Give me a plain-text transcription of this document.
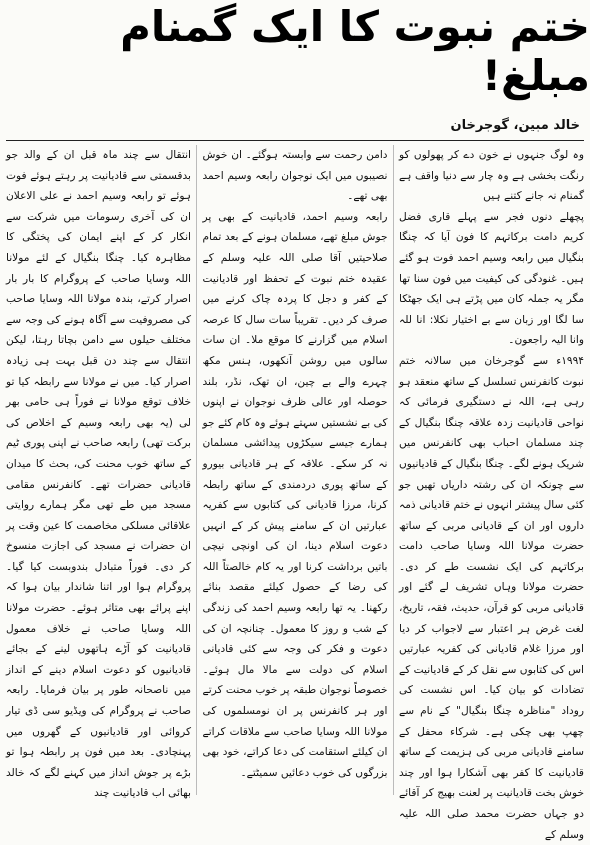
ختم نبوت کا ایک گمنام مبلغ!
خالد مبین، گوجرخان

وہ لوگ جنہوں نے خون دے کر پھولوں کو رنگت بخشی ہے وہ چار سے دنیا واقف ہے گمنام نہ جانے کتنے ہیں

پچھلے دنوں فجر سے پہلے قاری فضل کریم دامت برکاتہم کا فون آیا کہ چنگا بنگیال میں رابعہ وسیم احمد فوت ہو گئے ہیں۔ غنودگی کی کیفیت میں فون سنا تھا مگر یہ جملہ کان میں پڑتے ہی ایک جھٹکا سا لگا اور زبان سے بے اختیار نکلا: انا للہ وانا الیہ راجعون۔

۱۹۹۴ء سے گوجرخان میں سالانہ ختم نبوت کانفرنس تسلسل کے ساتھ منعقد ہو رہی ہے، اللہ نے دستگیری فرمائی کہ نواحی قادیانیت زدہ علاقہ چنگا بنگیال کے چند مسلمان احباب بھی کانفرنس میں شریک ہونے لگے۔ چنگا بنگیال کے قادیانیوں سے چونکہ ان کی رشتہ داریاں تھیں جو کئی سال پیشتر انہوں نے ختم قادیانی ذمہ داروں اور ان کے قادیانی مربی کے ساتھ حضرت مولانا اللہ وسایا صاحب دامت برکاتہم کی ایک نشست طے کر دی۔ حضرت مولانا وہاں تشریف لے گئے اور قادیانی مربی کو قرآن، حدیث، فقہ، تاریخ، لغت غرض ہر اعتبار سے لاجواب کر دیا اور مرزا غلام قادیانی کی کفریہ عبارتیں اس کی کتابوں سے نقل کر کے قادیانیت کے تضادات کو بیان کیا۔ اس نشست کی روداد "مناظرہ چنگا بنگیال" کے نام سے چھپ بھی چکی ہے۔ شرکاء محفل کے سامنے قادیانی مربی کی ہزیمت کے ساتھ قادیانیت کا کفر بھی آشکارا ہوا اور چند خوش بخت قادیانیت پر لعنت بھیج کر آقائے دو جہاں حضرت محمد صلی اللہ علیہ وسلم کے

دامن رحمت سے وابستہ ہوگئے۔ ان خوش نصیبوں میں ایک نوجوان رابعہ وسیم احمد بھی تھے۔

رابعہ وسیم احمد، قادیانیت کے بھی پر جوش مبلغ تھے، مسلمان ہونے کے بعد تمام صلاحیتیں آقا صلی اللہ علیہ وسلم کے عقیدہ ختم نبوت کے تحفظ اور قادیانیت کے کفر و دجل کا پردہ چاک کرنے میں صرف کر دیں۔ تقریباً سات سال کا عرصہ اسلام میں گزارنے کا موقع ملا۔ ان سات سالوں میں روشن آنکھوں، ہنس مکھ چہرے والے بے چین، ان تھک، نڈر، بلند حوصلہ اور عالی ظرف نوجوان نے اپنوں کی بے نشستیں سہتے ہوئے وہ کام کئے جو ہمارے جیسے سیکڑوں پیدائشی مسلمان نہ کر سکے۔ علاقہ کے ہر قادیانی بیورو کے ساتھ پوری دردمندی کے ساتھ رابطہ کرنا، مرزا قادیانی کی کتابوں سے کفریہ عبارتیں ان کے سامنے پیش کر کے انہیں دعوت اسلام دینا، ان کی اونچی نیچی باتیں برداشت کرنا اور یہ کام خالصتاً اللہ کی رضا کے حصول کیلئے مقصد بنائے رکھنا۔ یہ تھا رابعہ وسیم احمد کی زندگی کے شب و روز کا معمول۔ چنانچہ ان کی دعوت و فکر کی وجہ سے کئی قادیانی اسلام کی دولت سے مالا مال ہوئے۔ خصوصاً نوجوان طبقہ پر خوب محنت کرتے اور ہر کانفرنس پر ان نومسلموں کی مولانا اللہ وسایا صاحب سے ملاقات کراتے ان کیلئے استقامت کی دعا کراتے، خود بھی بزرگوں کی خوب دعائیں سمیٹتے۔

انتقال سے چند ماہ قبل ان کے والد جو بدقسمتی سے قادیانیت پر رہتے ہوئے فوت ہوئے تو رابعہ وسیم احمد نے علی الاعلان ان کی آخری رسومات میں شرکت سے انکار کر کے اپنے ایمان کی پختگی کا مظاہرہ کیا۔ چنگا بنگیال کے لئے مولانا اللہ وسایا صاحب کے پروگرام کا بار بار اصرار کرتے، بندہ مولانا اللہ وسایا صاحب کی مصروفیت سے آگاہ ہونے کی وجہ سے مختلف حیلوں سے دامن بچاتا رہتا، لیکن انتقال سے چند دن قبل بہت ہی زیادہ اصرار کیا۔ میں نے مولانا سے رابطہ کیا تو خلاف توقع مولانا نے فوراً ہی حامی بھر لی (یہ بھی رابعہ وسیم کے اخلاص کی برکت تھی) رابعہ صاحب نے اپنی پوری ٹیم کے ساتھ خوب محنت کی، بحث کا میدان قادیانی حضرات تھے۔ کانفرنس مقامی مسجد میں طے تھی مگر ہمارے روایتی علاقائی مسلکی مخاصمت کا عین وقت پر ان حضرات نے مسجد کی اجازت منسوخ کر دی۔ فوراً متبادل بندوبست کیا گیا۔ پروگرام ہوا اور اتنا شاندار بیان ہوا کہ اپنے پرائے بھی متاثر ہوئے۔ حضرت مولانا اللہ وسایا صاحب نے خلاف معمول قادیانیت کو آڑے ہاتھوں لینے کے بجائے قادیانیوں کو دعوت اسلام دینے کے انداز میں ناصحانہ طور پر بیان فرمایا۔ رابعہ صاحب نے پروگرام کی ویڈیو سی ڈی تیار کروائی اور قادیانیوں کے گھروں میں پہنچادی۔ بعد میں فون پر رابطہ ہوا تو بڑے پر جوش انداز میں کہنے لگے کہ خالد بھائی اب قادیانیت چند
